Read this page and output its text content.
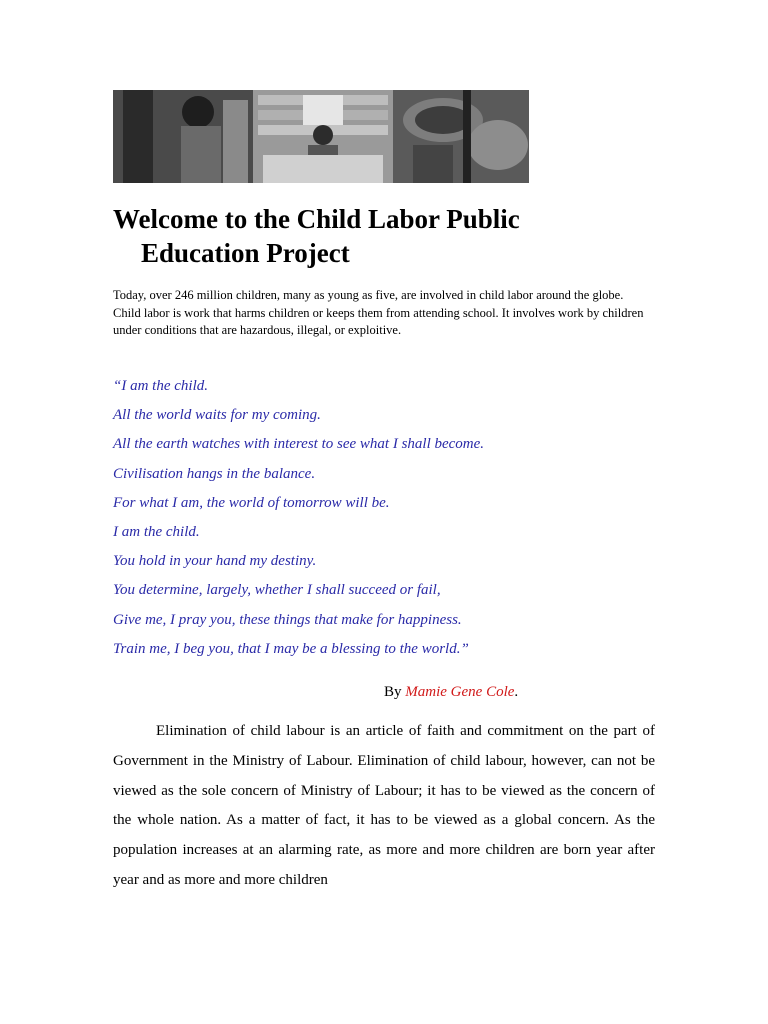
Welcome to the Child Labor Public
Education Project

Today, over 246 million children, many as young as five, are involved in child labor around the globe. Child labor is work that harms children or keeps them from attending school. It involves work by children under conditions that are hazardous, illegal, or exploitive.

“I am the child.
All the world waits for my coming.
All the earth watches with interest to see what I shall become.
Civilisation hangs in the balance.
For what I am, the world of tomorrow will be.
I am the child.
You hold in your hand my destiny.
You determine, largely, whether I shall succeed or fail,
Give me, I pray you, these things that make for happiness.
Train me, I beg you, that I may be a blessing to the world.”
By Mamie Gene Cole.

Elimination of child labour is an article of faith and commitment on the part of Government in the Ministry of Labour. Elimination of child labour, however, can not be viewed as the sole concern of Ministry of Labour; it has to be viewed as the concern of the whole nation. As a matter of fact, it has to be viewed as a global concern. As the population increases at an alarming rate, as more and more children are born year after year and as more and more children
